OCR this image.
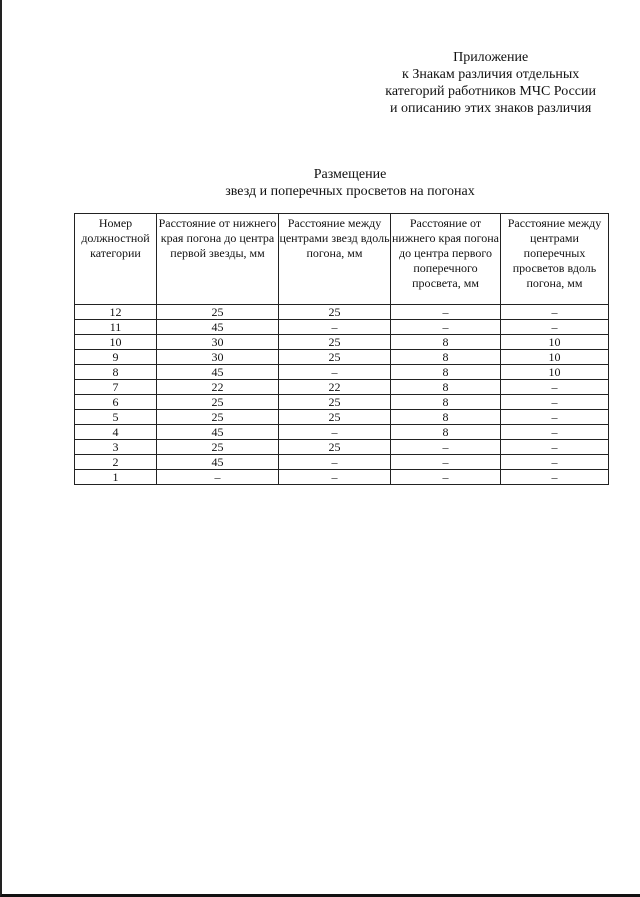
Приложение
к Знакам различия отдельных
категорий работников МЧС России
и описанию этих знаков различия
Размещение
звезд и поперечных просветов на погонах
Номер должностной категории	Расстояние от нижнего края погона до центра первой звезды, мм	Расстояние между центрами звезд вдоль погона, мм	Расстояние от нижнего края погона до центра первого поперечного просвета, мм	Расстояние между центрами поперечных просветов вдоль погона, мм
12	25	25	–	–
11	45	–	–	–
10	30	25	8	10
9	30	25	8	10
8	45	–	8	10
7	22	22	8	–
6	25	25	8	–
5	25	25	8	–
4	45	–	8	–
3	25	25	–	–
2	45	–	–	–
1	–	–	–	–
